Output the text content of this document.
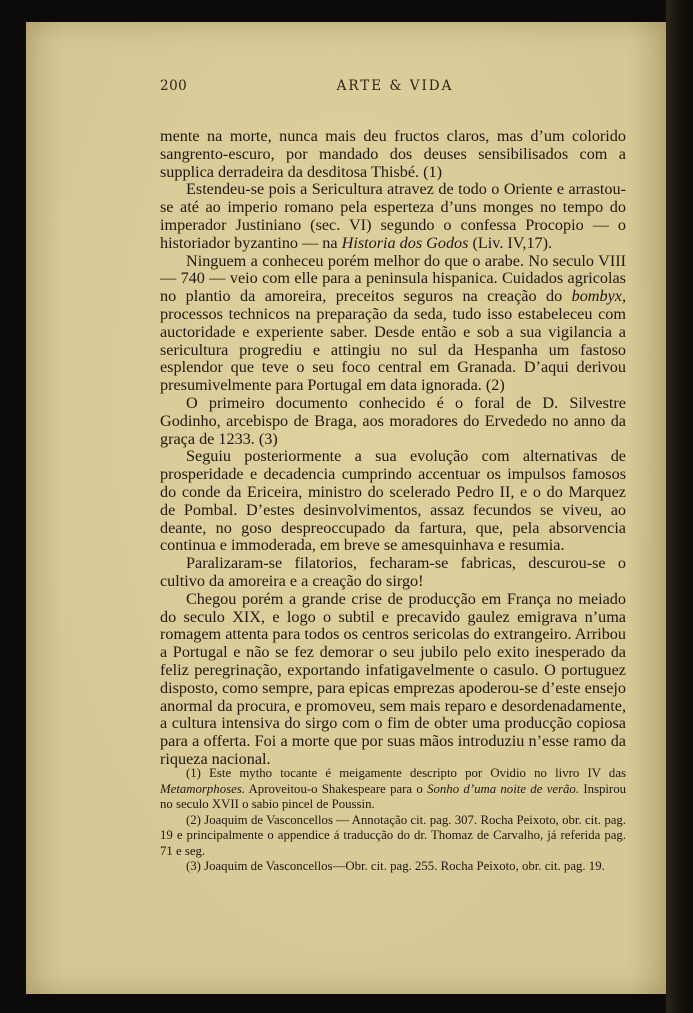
200	ARTE & VIDA

mente na morte, nunca mais deu fructos claros, mas d’um colorido sangrento-escuro, por mandado dos deuses sensibilisados com a supplica derradeira da desditosa Thisbé. (1)

Estendeu-se pois a Sericultura atravez de todo o Oriente e arrastou-se até ao imperio romano pela esperteza d’uns monges no tempo do imperador Justiniano (sec. VI) segundo o confessa Procopio — o historiador byzantino — na Historia dos Godos (Liv. IV,17).

Ninguem a conheceu porém melhor do que o arabe. No seculo VIII — 740 — veio com elle para a peninsula hispanica. Cuidados agricolas no plantio da amoreira, preceitos seguros na creação do bombyx, processos technicos na preparação da seda, tudo isso estabeleceu com auctoridade e experiente saber. Desde então e sob a sua vigilancia a sericultura progrediu e attingiu no sul da Hespanha um fastoso esplendor que teve o seu foco central em Granada. D’aqui derivou presumivelmente para Portugal em data ignorada. (2)

O primeiro documento conhecido é o foral de D. Silvestre Godinho, arcebispo de Braga, aos moradores do Ervededo no anno da graça de 1233. (3)

Seguiu posteriormente a sua evolução com alternativas de prosperidade e decadencia cumprindo accentuar os impulsos famosos do conde da Ericeira, ministro do scelerado Pedro II, e o do Marquez de Pombal. D’estes desinvolvimentos, assaz fecundos se viveu, ao deante, no goso despreoccupado da fartura, que, pela absorvencia continua e immoderada, em breve se amesquinhava e resumia.

Paralizaram-se filatorios, fecharam-se fabricas, descurou-se o cultivo da amoreira e a creação do sirgo!

Chegou porém a grande crise de producção em França no meiado do seculo XIX, e logo o subtil e precavido gaulez emigrava n’uma romagem attenta para todos os centros sericolas do extrangeiro. Arribou a Portugal e não se fez demorar o seu jubilo pelo exito inesperado da feliz peregrinação, exportando infatigavelmente o casulo. O portuguez disposto, como sempre, para epicas emprezas apoderou-se d’este ensejo anormal da procura, e promoveu, sem mais reparo e desordenadamente, a cultura intensiva do sirgo com o fim de obter uma producção copiosa para a offerta. Foi a morte que por suas mãos introduziu n’esse ramo da riqueza nacional.

(1) Este mytho tocante é meigamente descripto por Ovidio no livro IV das Metamorphoses. Aproveitou-o Shakespeare para o Sonho d’uma noite de verão. Inspirou no seculo XVII o sabio pincel de Poussin.

(2) Joaquim de Vasconcellos — Annotação cit. pag. 307. Rocha Peixoto, obr. cit. pag. 19 e principalmente o appendice á traducção do dr. Thomaz de Carvalho, já referida pag. 71 e seg.

(3) Joaquim de Vasconcellos—Obr. cit. pag. 255. Rocha Peixoto, obr. cit. pag. 19.
